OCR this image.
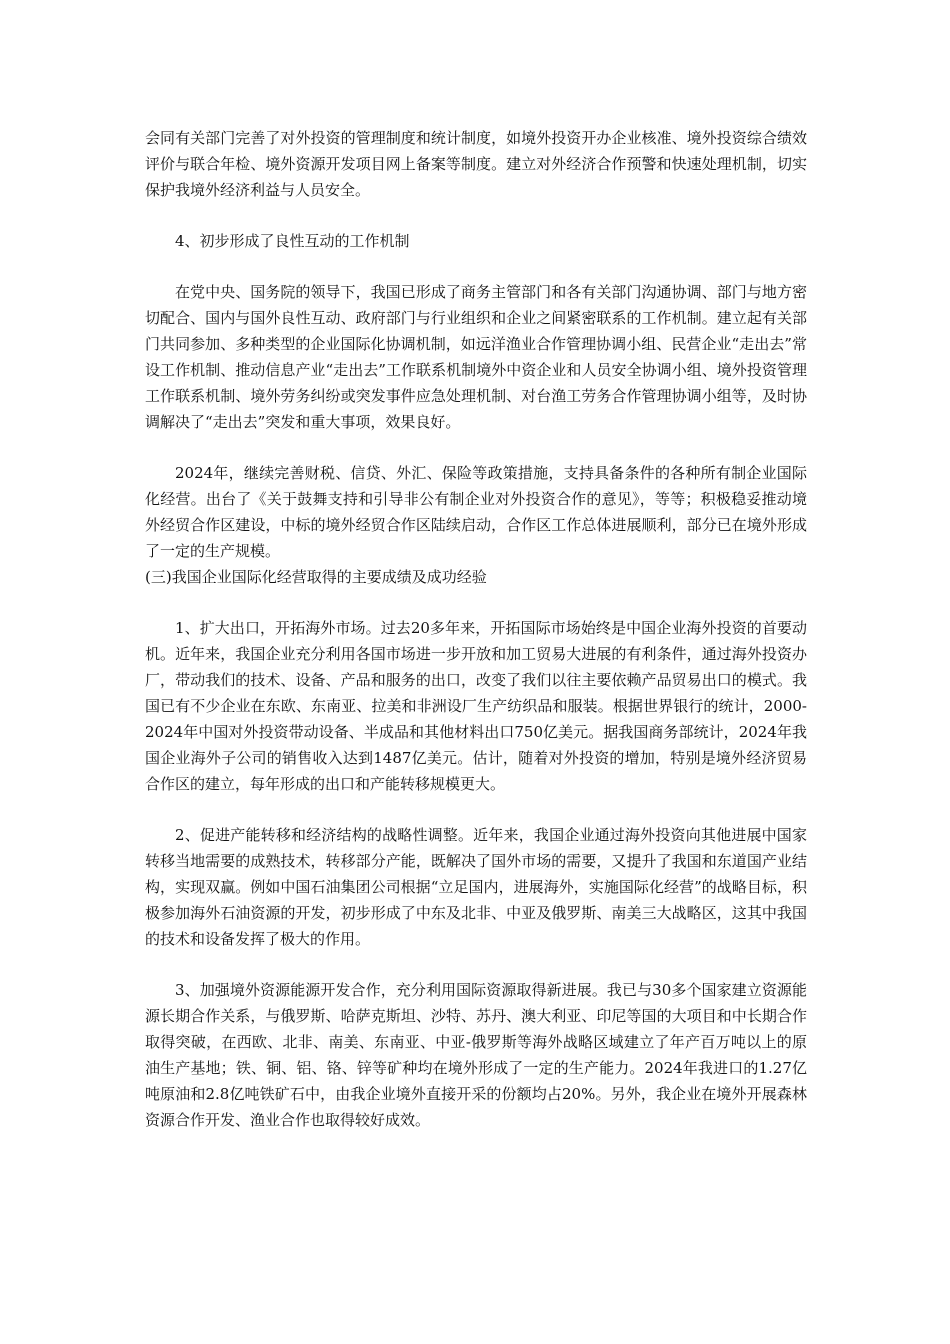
会同有关部门完善了对外投资的管理制度和统计制度，如境外投资开办企业核准、境外投资综合绩效评价与联合年检、境外资源开发项目网上备案等制度。建立对外经济合作预警和快速处理机制，切实保护我境外经济利益与人员安全。

4、初步形成了良性互动的工作机制

在党中央、国务院的领导下，我国已形成了商务主管部门和各有关部门沟通协调、部门与地方密切配合、国内与国外良性互动、政府部门与行业组织和企业之间紧密联系的工作机制。建立起有关部门共同参加、多种类型的企业国际化协调机制，如远洋渔业合作管理协调小组、民营企业“走出去”常设工作机制、推动信息产业“走出去”工作联系机制境外中资企业和人员安全协调小组、境外投资管理工作联系机制、境外劳务纠纷或突发事件应急处理机制、对台渔工劳务合作管理协调小组等，及时协调解决了“走出去”突发和重大事项，效果良好。

2024年，继续完善财税、信贷、外汇、保险等政策措施，支持具备条件的各种所有制企业国际化经营。出台了《关于鼓舞支持和引导非公有制企业对外投资合作的意见》，等等；积极稳妥推动境外经贸合作区建设，中标的境外经贸合作区陆续启动，合作区工作总体进展顺利，部分已在境外形成了一定的生产规模。

(三)我国企业国际化经营取得的主要成绩及成功经验

1、扩大出口，开拓海外市场。过去20多年来，开拓国际市场始终是中国企业海外投资的首要动机。近年来，我国企业充分利用各国市场进一步开放和加工贸易大进展的有利条件，通过海外投资办厂，带动我们的技术、设备、产品和服务的出口，改变了我们以往主要依赖产品贸易出口的模式。我国已有不少企业在东欧、东南亚、拉美和非洲设厂生产纺织品和服装。根据世界银行的统计，2000-2024年中国对外投资带动设备、半成品和其他材料出口750亿美元。据我国商务部统计，2024年我国企业海外子公司的销售收入达到1487亿美元。估计，随着对外投资的增加，特别是境外经济贸易合作区的建立，每年形成的出口和产能转移规模更大。

2、促进产能转移和经济结构的战略性调整。近年来，我国企业通过海外投资向其他进展中国家转移当地需要的成熟技术，转移部分产能，既解决了国外市场的需要，又提升了我国和东道国产业结构，实现双赢。例如中国石油集团公司根据“立足国内，进展海外，实施国际化经营”的战略目标，积极参加海外石油资源的开发，初步形成了中东及北非、中亚及俄罗斯、南美三大战略区，这其中我国的技术和设备发挥了极大的作用。

3、加强境外资源能源开发合作，充分利用国际资源取得新进展。我已与30多个国家建立资源能源长期合作关系，与俄罗斯、哈萨克斯坦、沙特、苏丹、澳大利亚、印尼等国的大项目和中长期合作取得突破，在西欧、北非、南美、东南亚、中亚-俄罗斯等海外战略区域建立了年产百万吨以上的原油生产基地；铁、铜、铝、铬、锌等矿种均在境外形成了一定的生产能力。2024年我进口的1.27亿吨原油和2.8亿吨铁矿石中，由我企业境外直接开采的份额均占20%。另外，我企业在境外开展森林资源合作开发、渔业合作也取得较好成效。
